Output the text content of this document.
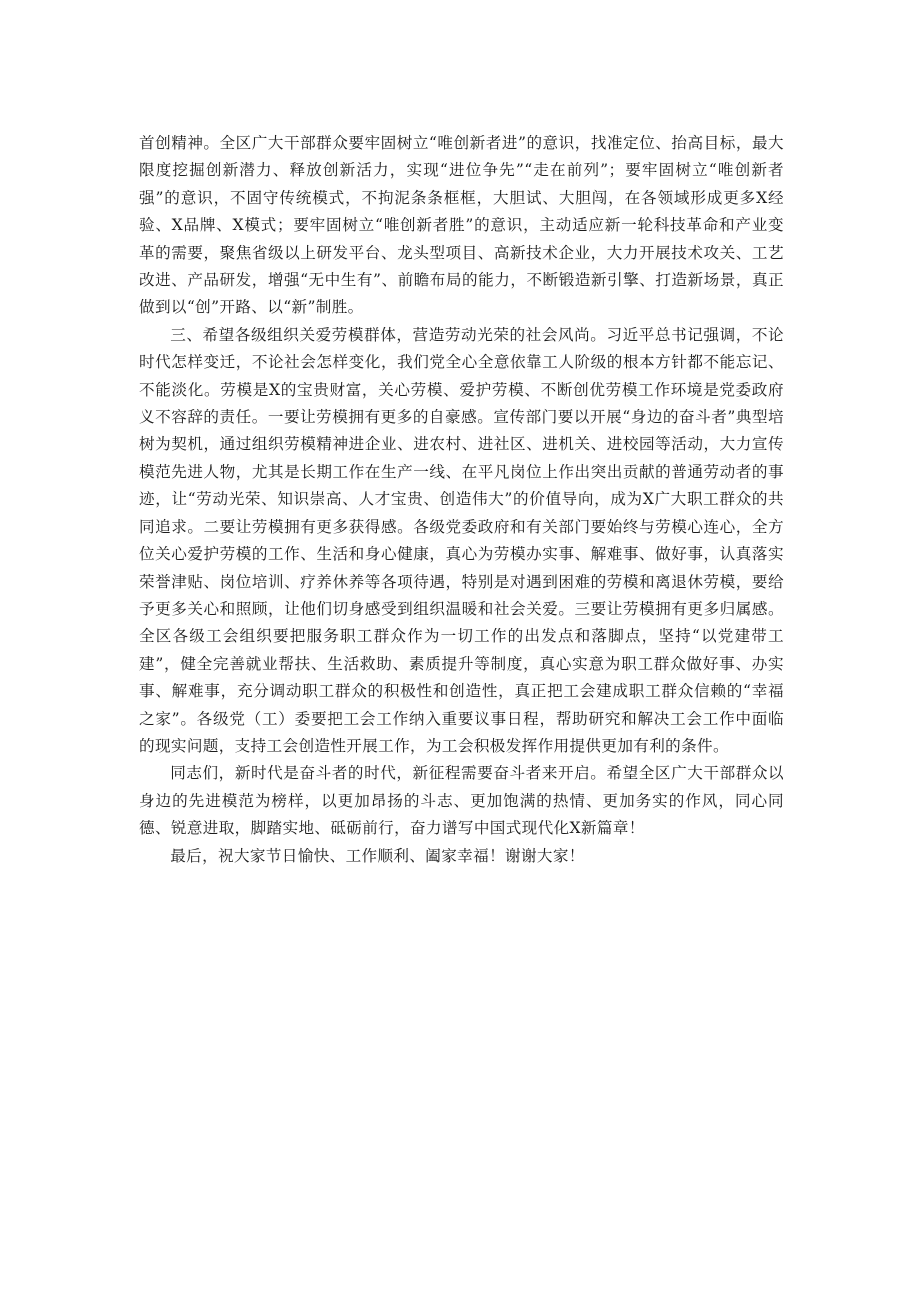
首创精神。全区广大干部群众要牢固树立“唯创新者进”的意识，找准定位、抬高目标，最大限度挖掘创新潜力、释放创新活力，实现“进位争先”“走在前列”；要牢固树立“唯创新者强”的意识，不固守传统模式，不拘泥条条框框，大胆试、大胆闯，在各领域形成更多X经验、X品牌、X模式；要牢固树立“唯创新者胜”的意识，主动适应新一轮科技革命和产业变革的需要，聚焦省级以上研发平台、龙头型项目、高新技术企业，大力开展技术攻关、工艺改进、产品研发，增强“无中生有”、前瞻布局的能力，不断锻造新引擎、打造新场景，真正做到以“创”开路、以“新”制胜。

三、希望各级组织关爱劳模群体，营造劳动光荣的社会风尚。习近平总书记强调，不论时代怎样变迁，不论社会怎样变化，我们党全心全意依靠工人阶级的根本方针都不能忘记、不能淡化。劳模是X的宝贵财富，关心劳模、爱护劳模、不断创优劳模工作环境是党委政府义不容辞的责任。一要让劳模拥有更多的自豪感。宣传部门要以开展“身边的奋斗者”典型培树为契机，通过组织劳模精神进企业、进农村、进社区、进机关、进校园等活动，大力宣传模范先进人物，尤其是长期工作在生产一线、在平凡岗位上作出突出贡献的普通劳动者的事迹，让“劳动光荣、知识崇高、人才宝贵、创造伟大”的价值导向，成为X广大职工群众的共同追求。二要让劳模拥有更多获得感。各级党委政府和有关部门要始终与劳模心连心，全方位关心爱护劳模的工作、生活和身心健康，真心为劳模办实事、解难事、做好事，认真落实荣誉津贴、岗位培训、疗养休养等各项待遇，特别是对遇到困难的劳模和离退休劳模，要给予更多关心和照顾，让他们切身感受到组织温暖和社会关爱。三要让劳模拥有更多归属感。全区各级工会组织要把服务职工群众作为一切工作的出发点和落脚点，坚持“以党建带工建”，健全完善就业帮扶、生活救助、素质提升等制度，真心实意为职工群众做好事、办实事、解难事，充分调动职工群众的积极性和创造性，真正把工会建成职工群众信赖的“幸福之家”。各级党（工）委要把工会工作纳入重要议事日程，帮助研究和解决工会工作中面临的现实问题，支持工会创造性开展工作，为工会积极发挥作用提供更加有利的条件。

同志们，新时代是奋斗者的时代，新征程需要奋斗者来开启。希望全区广大干部群众以身边的先进模范为榜样，以更加昂扬的斗志、更加饱满的热情、更加务实的作风，同心同德、锐意进取，脚踏实地、砥砺前行，奋力谱写中国式现代化X新篇章！

最后，祝大家节日愉快、工作顺利、阖家幸福！谢谢大家！
